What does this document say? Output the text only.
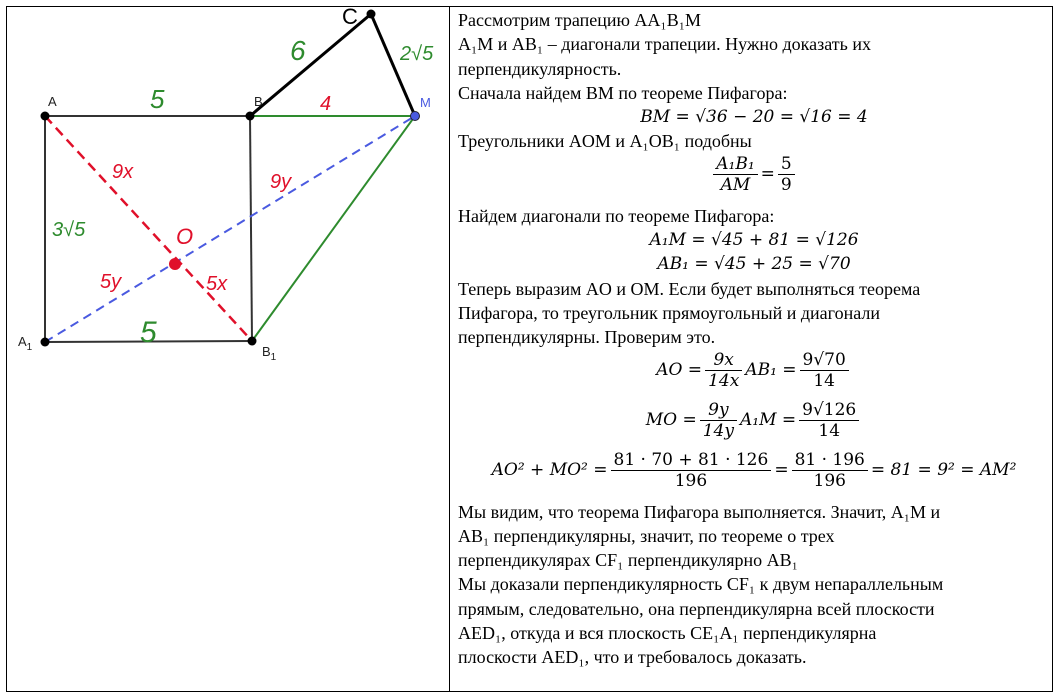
A	B
C
M
$A_1$	$B_1$
5	4
6	2√5
3√5
5
9x	9y
O
5y	5x
Рассмотрим трапецию AA₁B₁M
A₁M и AB₁ – диагонали трапеции. Нужно доказать их
перпендикулярность.
Сначала найдем BM по теореме Пифагора:
BM = √36 − 20 = √16 = 4
Треугольники AOM и A₁OB₁ подобны
$\frac{\text{A₁B₁}}{AM} = \frac{5}{9}$
Найдем диагонали по теореме Пифагора:
A₁M = √45 + 81 = √126
AB₁ = √45 + 25 = √70
Теперь выразим AO и OM. Если будет выполняться теорема
Пифагора, то треугольник прямоугольный и диагонали
перпендикулярны. Проверим это.
AO = $\frac{9x}{14x} AB_1 = \frac{9√70}{14}$
MO = $\frac{9y}{14y} A_1M = \frac{9√126}{14}$
$AO^2 + MO^2 = \frac{81 \cdot 70 + 81 \cdot 126}{196} = \frac{81 \cdot 196}{196} = 81 = 9^2 = AM^2$
Мы видим, что теорема Пифагора выполняется. Значит, A₁M и
AB₁ перпендикулярны, значит, по теореме о трех
перпендикулярах CF₁ перпендикулярно AB₁
Мы доказали перпендикулярность CF₁ к двум непараллельным
прямым, следовательно, она перпендикулярна всей плоскости
AED₁, откуда и вся плоскость CE₁A₁ перпендикулярна
плоскости AED₁, что и требовалось доказать.
